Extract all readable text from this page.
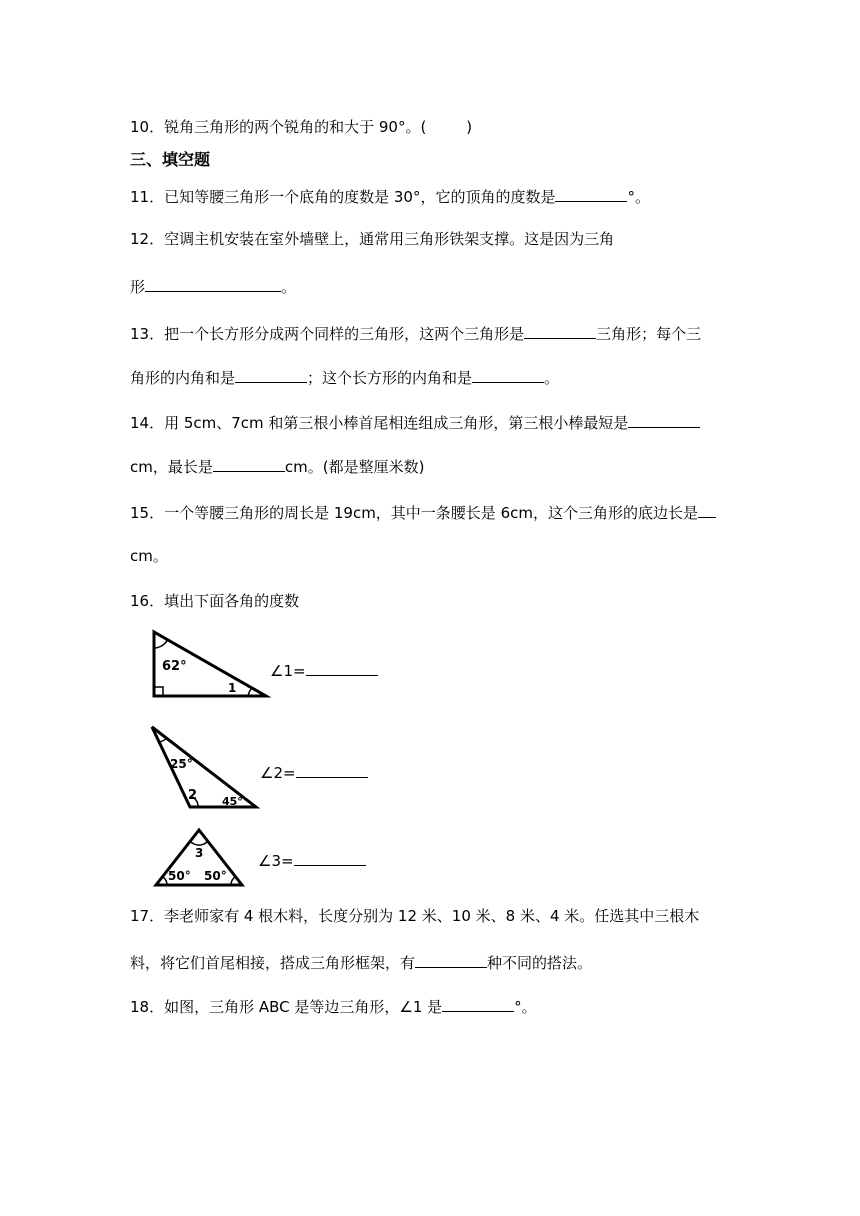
10．锐角三角形的两个锐角的和大于 90°。(	)
三、填空题
11．已知等腰三角形一个底角的度数是 30°，它的顶角的度数是	°。
12．空调主机安装在室外墙壁上，通常用三角形铁架支撑。这是因为三角
形	。
13．把一个长方形分成两个同样的三角形，这两个三角形是	三角形；每个三
角形的内角和是	；这个长方形的内角和是	。
14．用 5cm、7cm 和第三根小棒首尾相连组成三角形，第三根小棒最短是
cm，最长是	cm。(都是整厘米数)
15．一个等腰三角形的周长是 19cm，其中一条腰长是 6cm，这个三角形的底边长是
cm。
16．填出下面各角的度数
62°
1
∠1=
25°
2 45°
∠2=
3
50° 50°
∠3=
17．李老师家有 4 根木料，长度分别为 12 米、10 米、8 米、4 米。任选其中三根木
料，将它们首尾相接，搭成三角形框架，有	种不同的搭法。
18．如图，三角形 ABC 是等边三角形，∠1 是	°。
